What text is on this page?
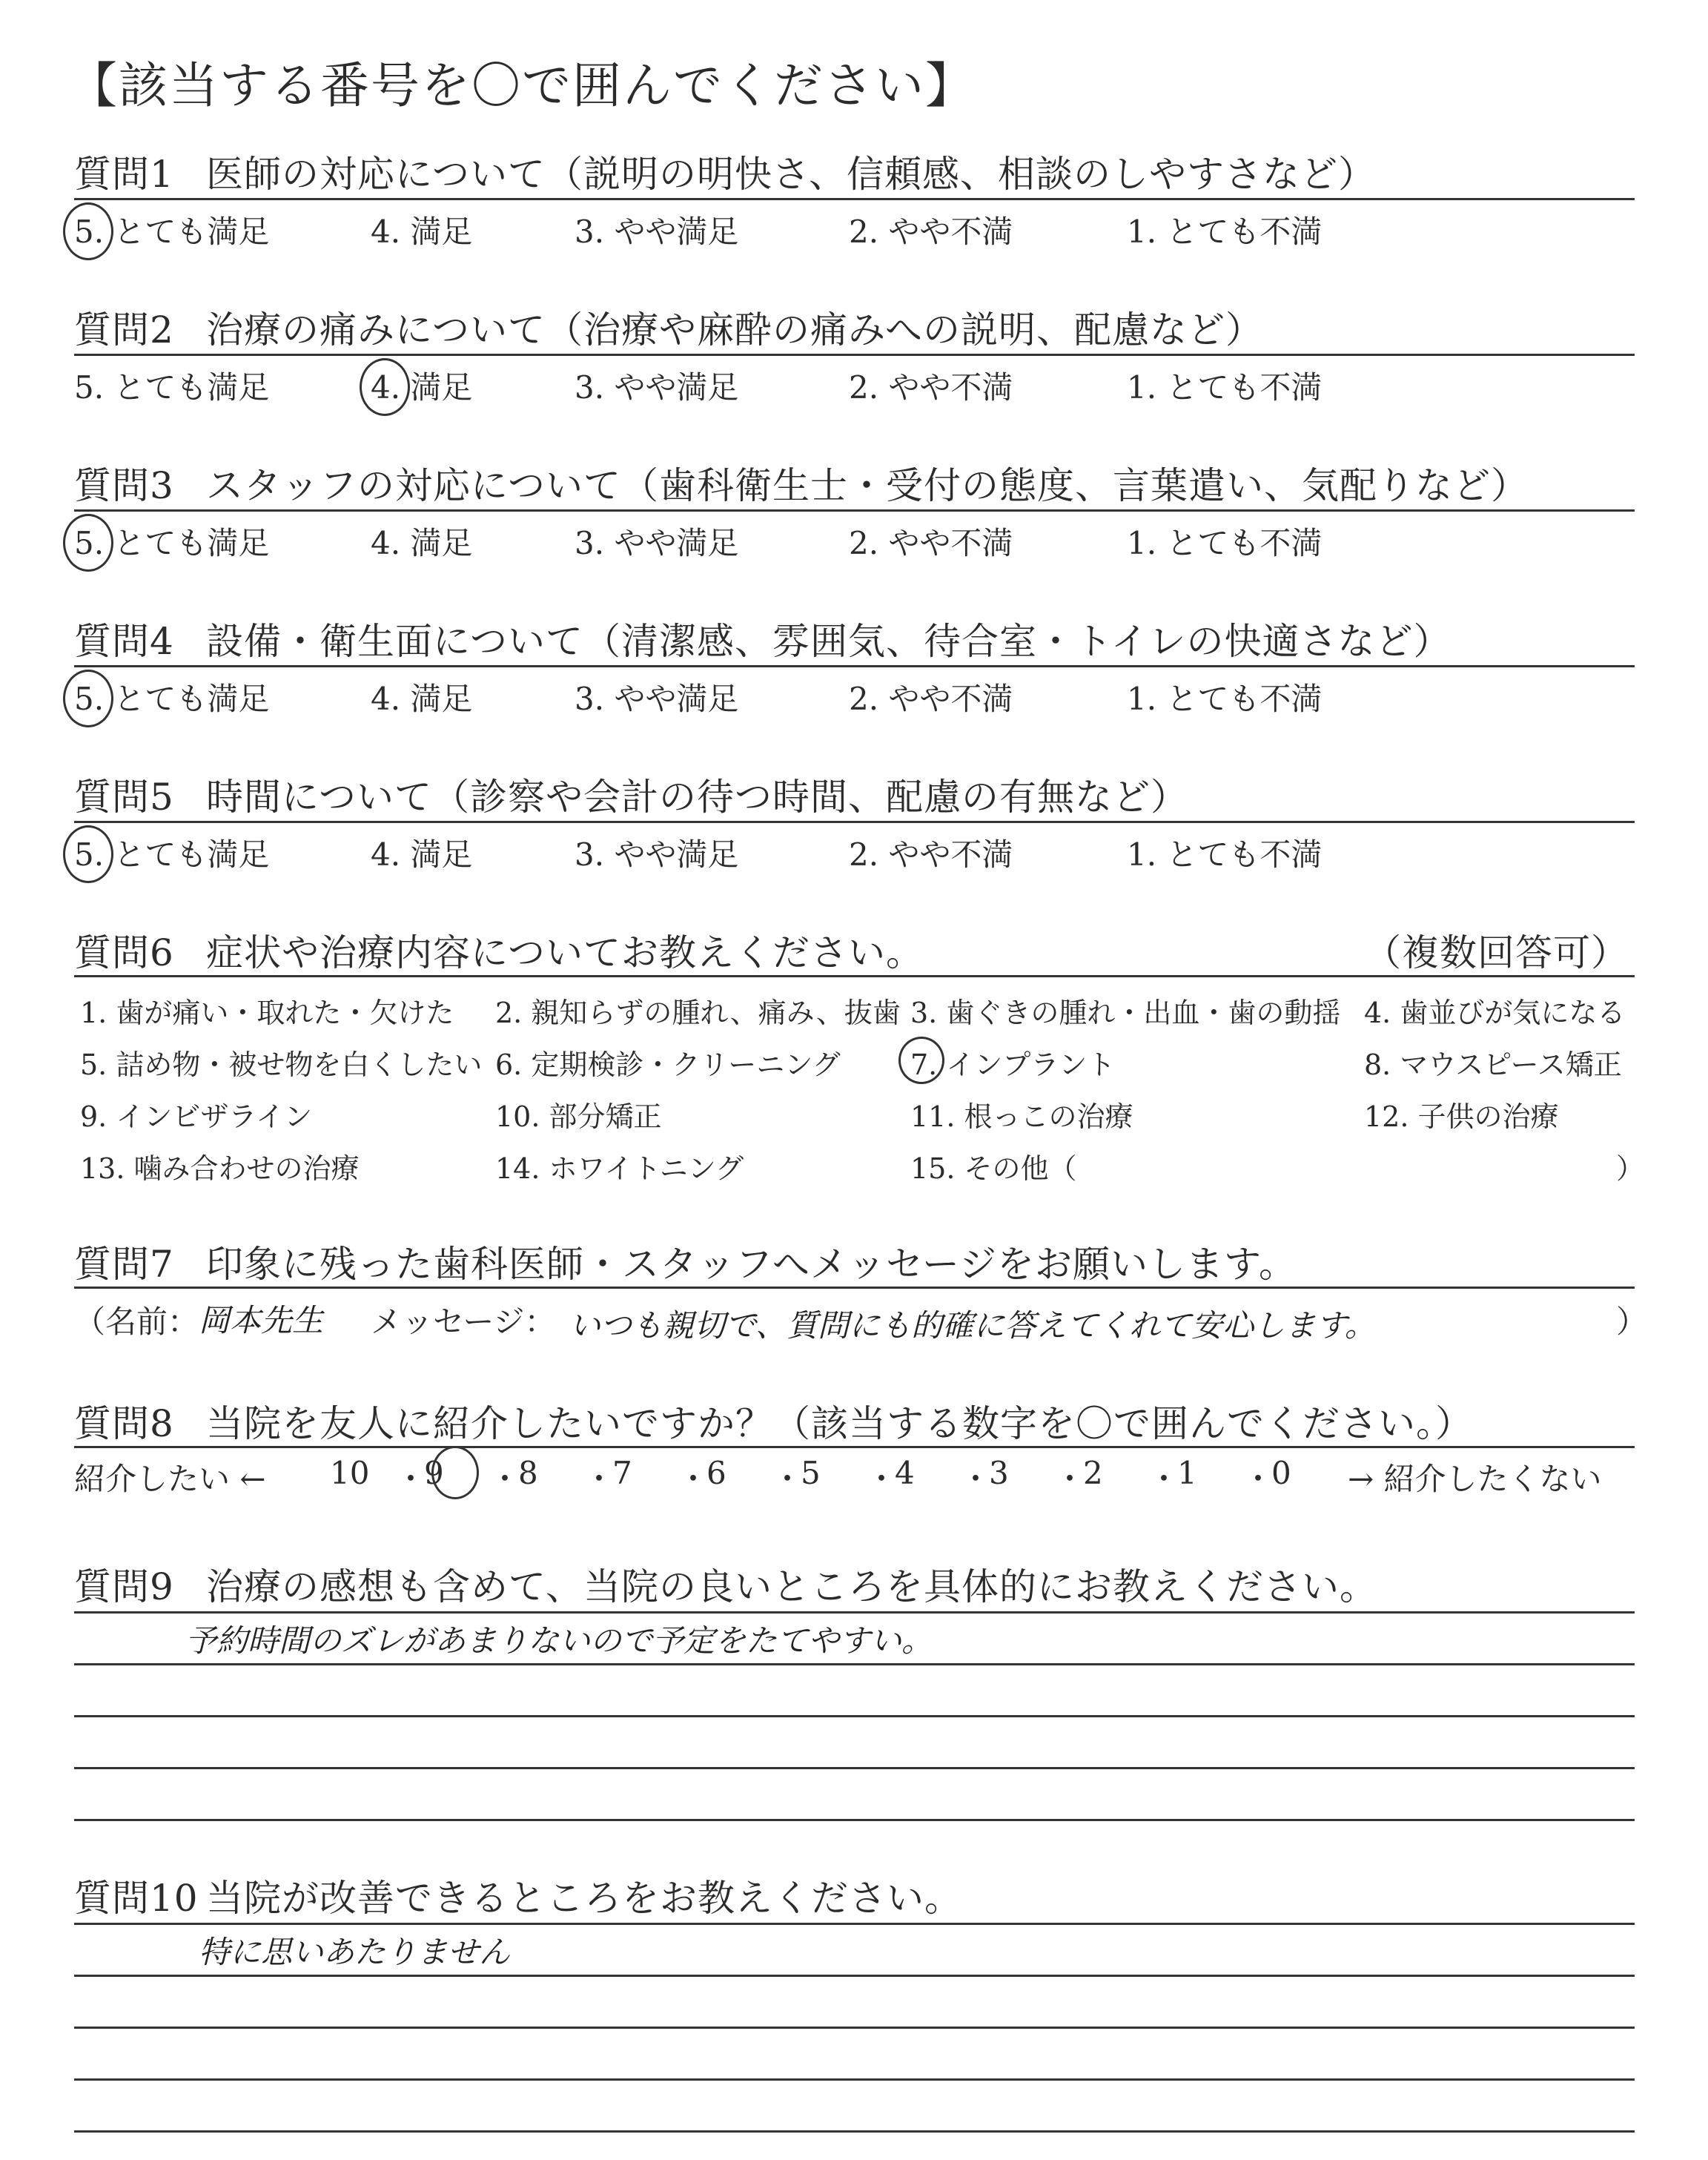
【該当する番号を〇で囲んでください】
質問1 医師の対応について（説明の明快さ、信頼感、相談のしやすさなど）
5. とても満足	4. 満足	3. やや満足	2. やや不満	1. とても不満
質問2 治療の痛みについて（治療や麻酔の痛みへの説明、配慮など）
5. とても満足	4. 満足	3. やや満足	2. やや不満	1. とても不満
質問3 スタッフの対応について（歯科衛生士・受付の態度、言葉遣い、気配りなど）
5. とても満足	4. 満足	3. やや満足	2. やや不満	1. とても不満
質問4 設備・衛生面について（清潔感、雰囲気、待合室・トイレの快適さなど）
5. とても満足	4. 満足	3. やや満足	2. やや不満	1. とても不満
質問5 時間について（診察や会計の待つ時間、配慮の有無など）
5. とても満足	4. 満足	3. やや満足	2. やや不満	1. とても不満
質問6 症状や治療内容についてお教えください。	（複数回答可）
1. 歯が痛い・取れた・欠けた 2. 親知らずの腫れ、痛み、抜歯 3. 歯ぐきの腫れ・出血・歯の動揺 4. 歯並びが気になる
5. 詰め物・被せ物を白くしたい 6. 定期検診・クリーニング 7. インプラント	8. マウスピース矯正
9. インビザライン	10. 部分矯正	11. 根っこの治療	12. 子供の治療
13. 噛み合わせの治療	14. ホワイトニング	15. その他（	）
質問7 印象に残った歯科医師・スタッフへメッセージをお願いします。
（名前： 岡本先生 メッセージ： いつも親切で、質問にも的確に答えてくれて安心します。	）
質問8 当院を友人に紹介したいですか？（該当する数字を〇で囲んでください。）
紹介したい ← 10 ・
9 ・
8 ・
7 ・
6 ・
5 ・
4 ・
3 ・
2 ・
1 ・
0 → 紹介したくない
質問9 治療の感想も含めて、当院の良いところを具体的にお教えください。
予約時間のズレがあまりないので予定をたてやすい。
質問10 当院が改善できるところをお教えください。
特に思いあたりません
